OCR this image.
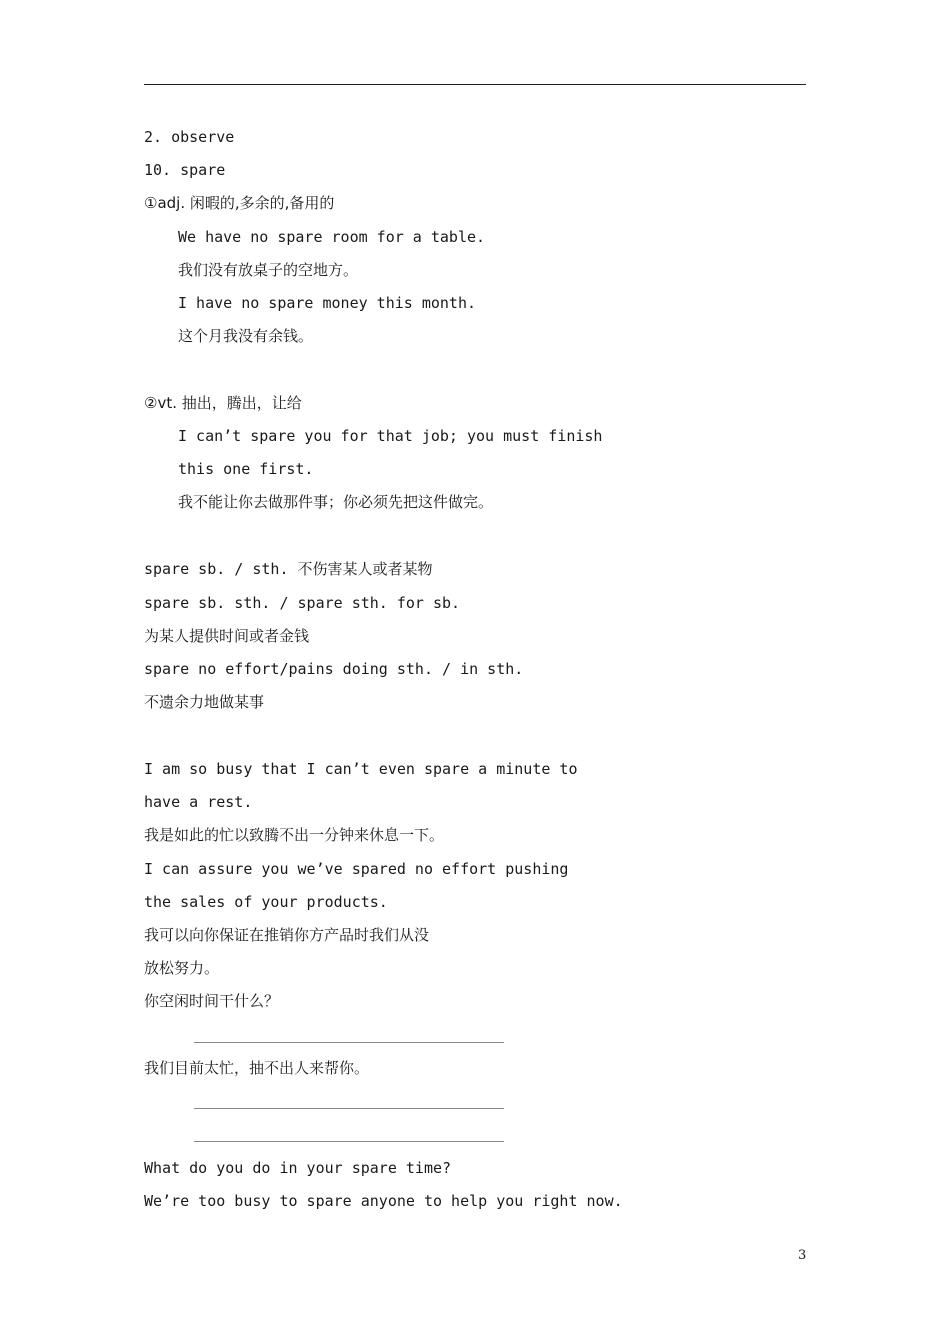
2. observe
10. spare
①adj. 闲暇的,多余的,备用的
We have no spare room for a table.
我们没有放桌子的空地方。
I have no spare money this month.
这个月我没有余钱。
②vt. 抽出，腾出，让给
I can’t spare you for that job; you must finish
this one first.
我不能让你去做那件事；你必须先把这件做完。
spare sb. / sth. 不伤害某人或者某物
spare sb. sth. / spare sth. for sb.
为某人提供时间或者金钱
spare no effort/pains doing sth. / in sth.
不遗余力地做某事
I am so busy that I can’t even spare a minute to
have a rest.
我是如此的忙以致腾不出一分钟来休息一下。
I can assure you we’ve spared no effort pushing
the sales of your products.
我可以向你保证在推销你方产品时我们从没
放松努力。
你空闲时间干什么？
我们目前太忙，抽不出人来帮你。
What do you do in your spare time?
We’re too busy to spare anyone to help you right now.
3
